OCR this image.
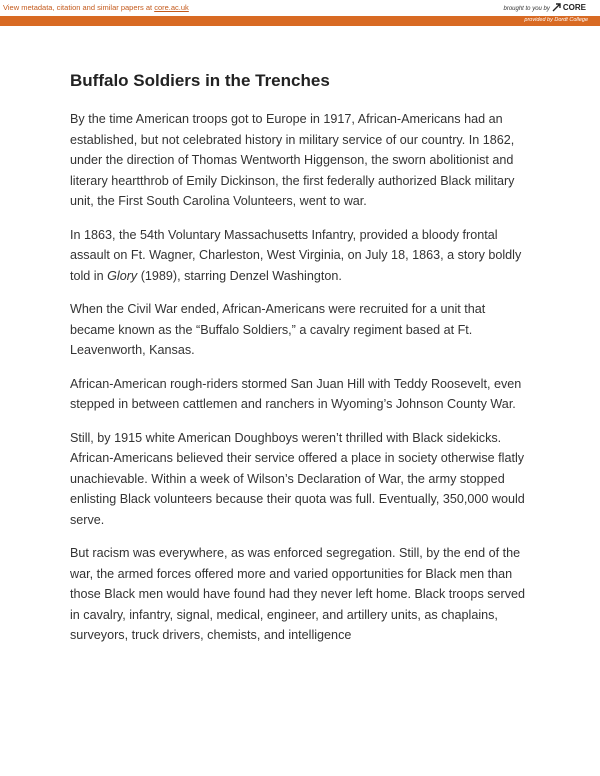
View metadata, citation and similar papers at core.ac.uk	brought to you by CORE
provided by Dordt College
Buffalo Soldiers in the Trenches

By the time American troops got to Europe in 1917, African-Americans had an established, but not celebrated history in military service of our country. In 1862, under the direction of Thomas Wentworth Higgenson, the sworn abolitionist and literary heartthrob of Emily Dickinson, the first federally authorized Black military unit, the First South Carolina Volunteers, went to war.

In 1863, the 54th Voluntary Massachusetts Infantry, provided a bloody frontal assault on Ft. Wagner, Charleston, West Virginia, on July 18, 1863, a story boldly told in Glory (1989), starring Denzel Washington.

When the Civil War ended, African-Americans were recruited for a unit that became known as the “Buffalo Soldiers,” a cavalry regiment based at Ft. Leavenworth, Kansas.

African-American rough-riders stormed San Juan Hill with Teddy Roosevelt, even stepped in between cattlemen and ranchers in Wyoming’s Johnson County War.

Still, by 1915 white American Doughboys weren’t thrilled with Black sidekicks. African-Americans believed their service offered a place in society otherwise flatly unachievable. Within a week of Wilson’s Declaration of War, the army stopped enlisting Black volunteers because their quota was full. Eventually, 350,000 would serve.

But racism was everywhere, as was enforced segregation. Still, by the end of the war, the armed forces offered more and varied opportunities for Black men than those Black men would have found had they never left home. Black troops served in cavalry, infantry, signal, medical, engineer, and artillery units, as chaplains, surveyors, truck drivers, chemists, and intelligence
